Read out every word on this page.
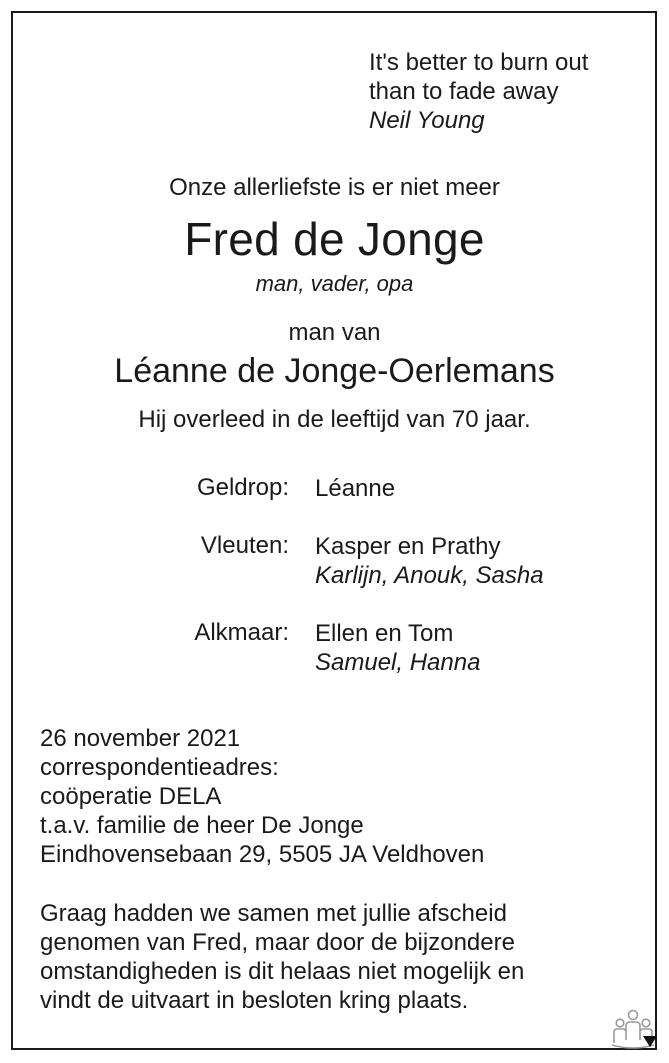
It's better to burn out
than to fade away
Neil Young
Onze allerliefste is er niet meer
Fred de Jonge
man, vader, opa
man van
Léanne de Jonge-Oerlemans
Hij overleed in de leeftijd van 70 jaar.
Geldrop: Léanne
Vleuten: Kasper en Prathy
Karlijn, Anouk, Sasha
Alkmaar: Ellen en Tom
Samuel, Hanna
26 november 2021
correspondentieadres:
coöperatie DELA
t.a.v. familie de heer De Jonge
Eindhovensebaan 29, 5505 JA Veldhoven
Graag hadden we samen met jullie afscheid
genomen van Fred, maar door de bijzondere
omstandigheden is dit helaas niet mogelijk en
vindt de uitvaart in besloten kring plaats.
